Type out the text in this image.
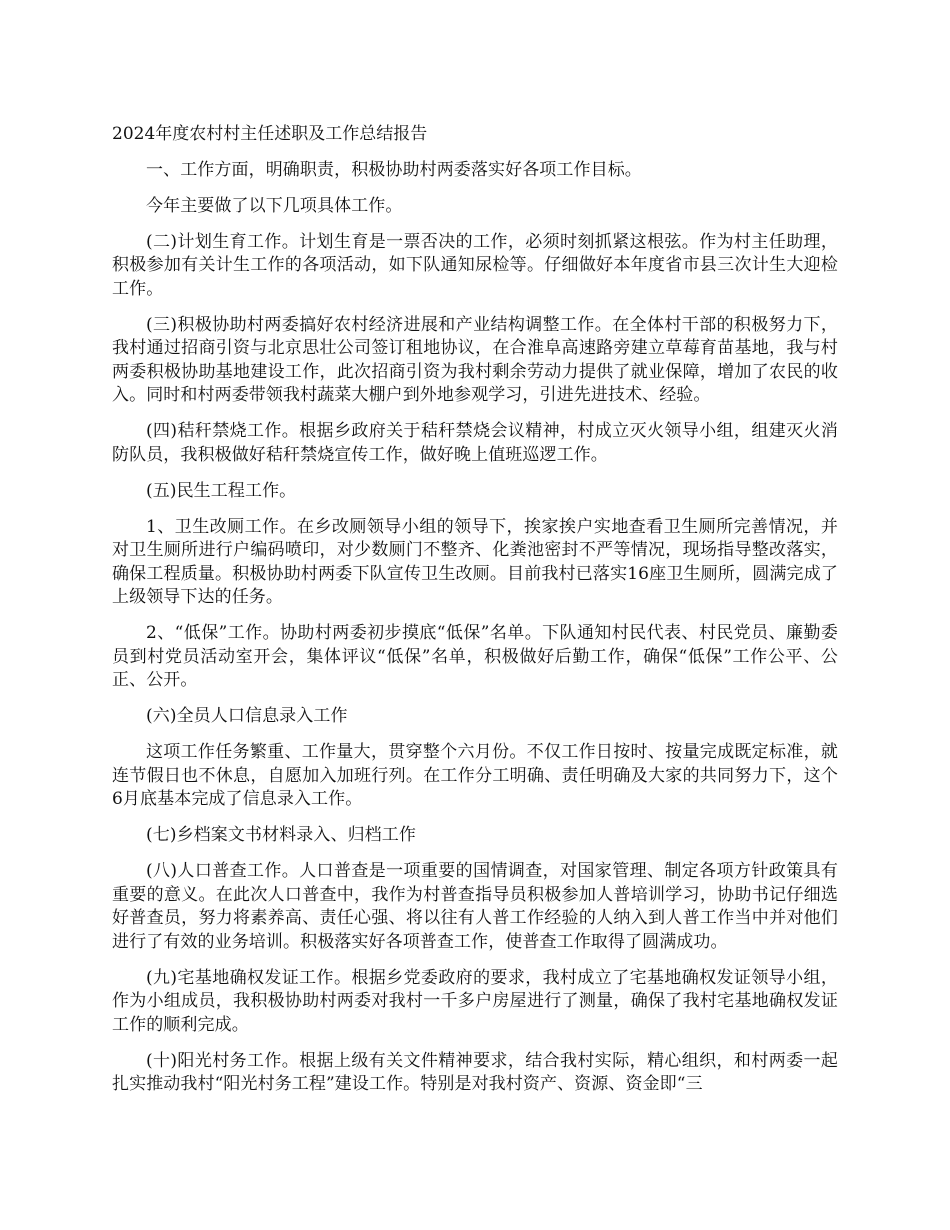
2024年度农村村主任述职及工作总结报告

一、工作方面，明确职责，积极协助村两委落实好各项工作目标。

今年主要做了以下几项具体工作。

(二)计划生育工作。计划生育是一票否决的工作，必须时刻抓紧这根弦。作为村主任助理，积极参加有关计生工作的各项活动，如下队通知尿检等。仔细做好本年度省市县三次计生大迎检工作。

(三)积极协助村两委搞好农村经济进展和产业结构调整工作。在全体村干部的积极努力下，我村通过招商引资与北京思壮公司签订租地协议，在合淮阜高速路旁建立草莓育苗基地，我与村两委积极协助基地建设工作，此次招商引资为我村剩余劳动力提供了就业保障，增加了农民的收入。同时和村两委带领我村蔬菜大棚户到外地参观学习，引进先进技术、经验。

(四)秸秆禁烧工作。根据乡政府关于秸秆禁烧会议精神，村成立灭火领导小组，组建灭火消防队员，我积极做好秸秆禁烧宣传工作，做好晚上值班巡逻工作。

(五)民生工程工作。

1、卫生改厕工作。在乡改厕领导小组的领导下，挨家挨户实地查看卫生厕所完善情况，并对卫生厕所进行户编码喷印，对少数厕门不整齐、化粪池密封不严等情况，现场指导整改落实，确保工程质量。积极协助村两委下队宣传卫生改厕。目前我村已落实16座卫生厕所，圆满完成了上级领导下达的任务。

2、“低保”工作。协助村两委初步摸底“低保”名单。下队通知村民代表、村民党员、廉勤委员到村党员活动室开会，集体评议“低保”名单，积极做好后勤工作，确保“低保”工作公平、公正、公开。

(六)全员人口信息录入工作

这项工作任务繁重、工作量大，贯穿整个六月份。不仅工作日按时、按量完成既定标准，就连节假日也不休息，自愿加入加班行列。在工作分工明确、责任明确及大家的共同努力下，这个6月底基本完成了信息录入工作。

(七)乡档案文书材料录入、归档工作

(八)人口普查工作。人口普查是一项重要的国情调查，对国家管理、制定各项方针政策具有重要的意义。在此次人口普查中，我作为村普查指导员积极参加人普培训学习，协助书记仔细选好普查员，努力将素养高、责任心强、将以往有人普工作经验的人纳入到人普工作当中并对他们进行了有效的业务培训。积极落实好各项普查工作，使普查工作取得了圆满成功。

(九)宅基地确权发证工作。根据乡党委政府的要求，我村成立了宅基地确权发证领导小组，作为小组成员，我积极协助村两委对我村一千多户房屋进行了测量，确保了我村宅基地确权发证工作的顺利完成。

(十)阳光村务工作。根据上级有关文件精神要求，结合我村实际，精心组织，和村两委一起扎实推动我村“阳光村务工程”建设工作。特别是对我村资产、资源、资金即“三
